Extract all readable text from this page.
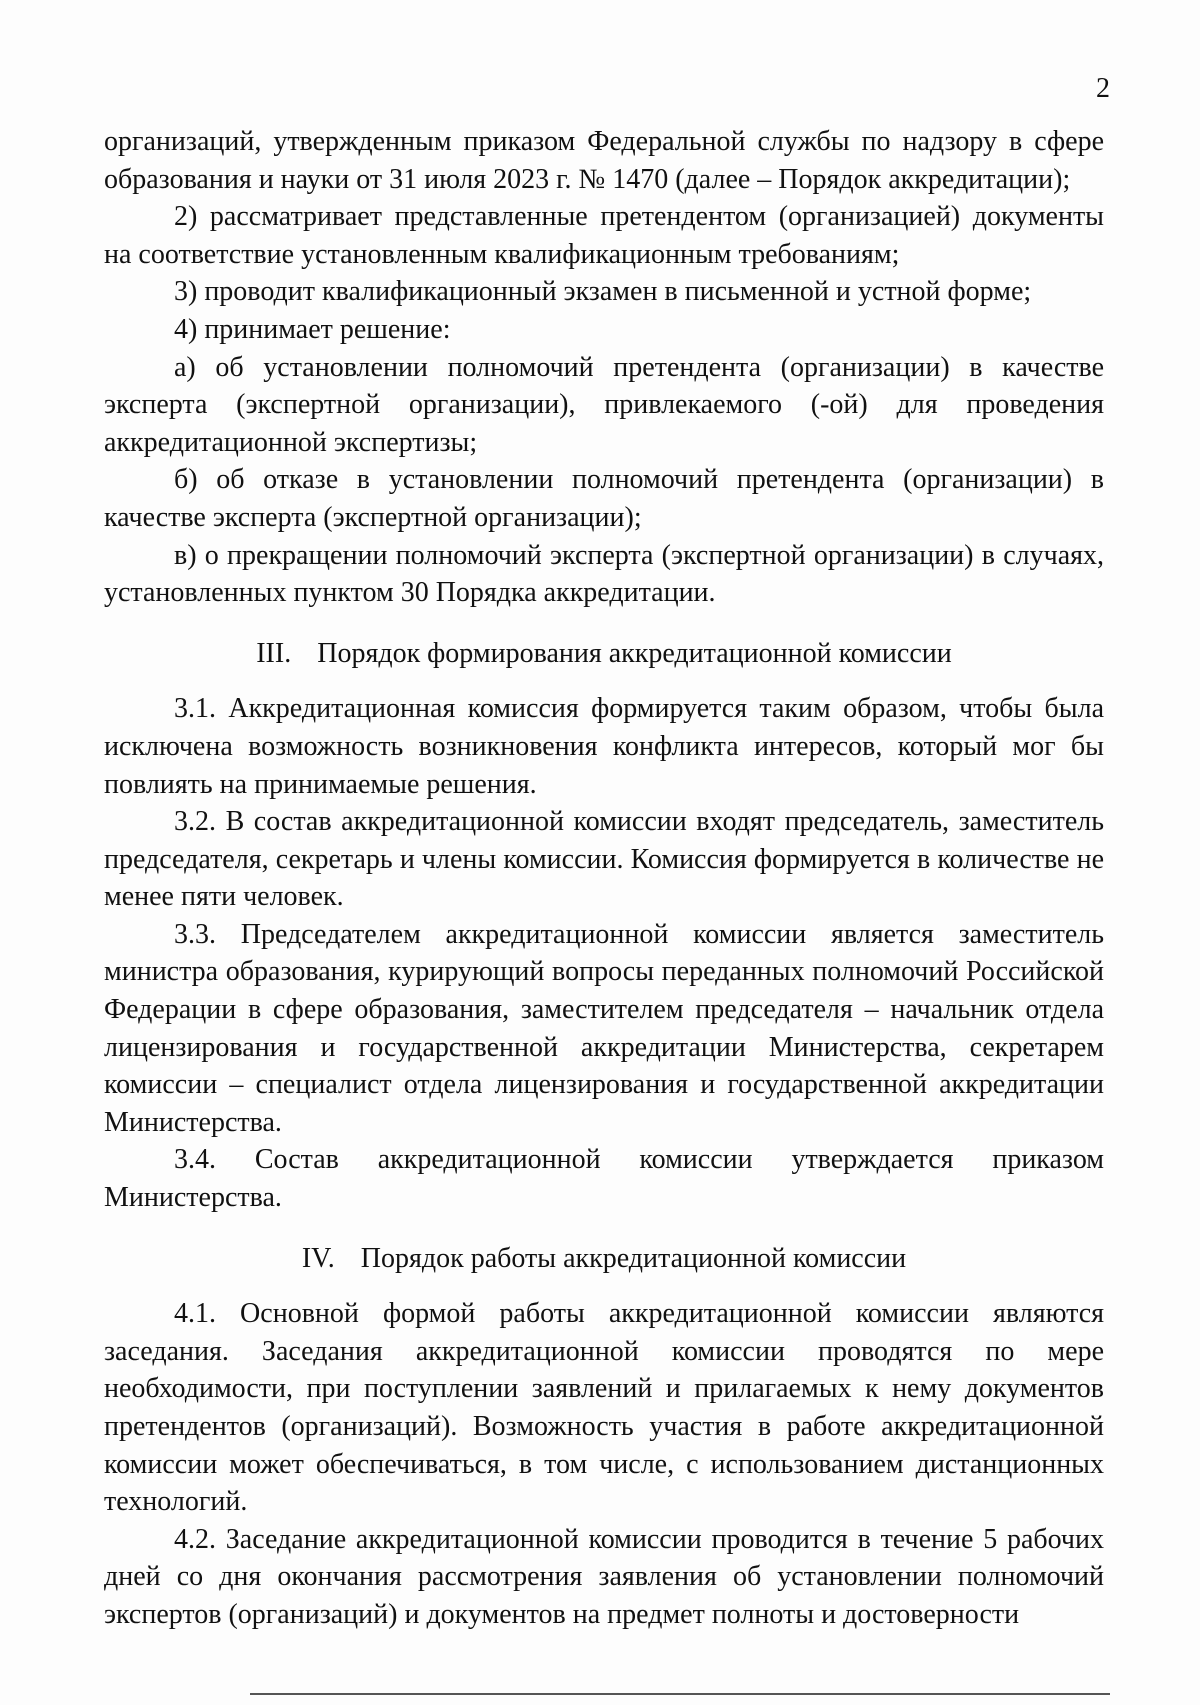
2

организаций, утвержденным приказом Федеральной службы по надзору в сфере образования и науки от 31 июля 2023 г. № 1470 (далее – Порядок аккредитации);

2) рассматривает представленные претендентом (организацией) документы на соответствие установленным квалификационным требованиям;

3) проводит квалификационный экзамен в письменной и устной форме;

4) принимает решение:

а) об установлении полномочий претендента (организации) в качестве эксперта (экспертной организации), привлекаемого (-ой) для проведения аккредитационной экспертизы;

б) об отказе в установлении полномочий претендента (организации) в качестве эксперта (экспертной организации);

в) о прекращении полномочий эксперта (экспертной организации) в случаях, установленных пунктом 30 Порядка аккредитации.

III. Порядок формирования аккредитационной комиссии

3.1. Аккредитационная комиссия формируется таким образом, чтобы была исключена возможность возникновения конфликта интересов, который мог бы повлиять на принимаемые решения.

3.2. В состав аккредитационной комиссии входят председатель, заместитель председателя, секретарь и члены комиссии. Комиссия формируется в количестве не менее пяти человек.

3.3. Председателем аккредитационной комиссии является заместитель министра образования, курирующий вопросы переданных полномочий Российской Федерации в сфере образования, заместителем председателя – начальник отдела лицензирования и государственной аккредитации Министерства, секретарем комиссии – специалист отдела лицензирования и государственной аккредитации Министерства.

3.4. Состав аккредитационной комиссии утверждается приказом Министерства.

IV. Порядок работы аккредитационной комиссии

4.1. Основной формой работы аккредитационной комиссии являются заседания. Заседания аккредитационной комиссии проводятся по мере необходимости, при поступлении заявлений и прилагаемых к нему документов претендентов (организаций). Возможность участия в работе аккредитационной комиссии может обеспечиваться, в том числе, с использованием дистанционных технологий.

4.2. Заседание аккредитационной комиссии проводится в течение 5 рабочих дней со дня окончания рассмотрения заявления об установлении полномочий экспертов (организаций) и документов на предмет полноты и достоверности
